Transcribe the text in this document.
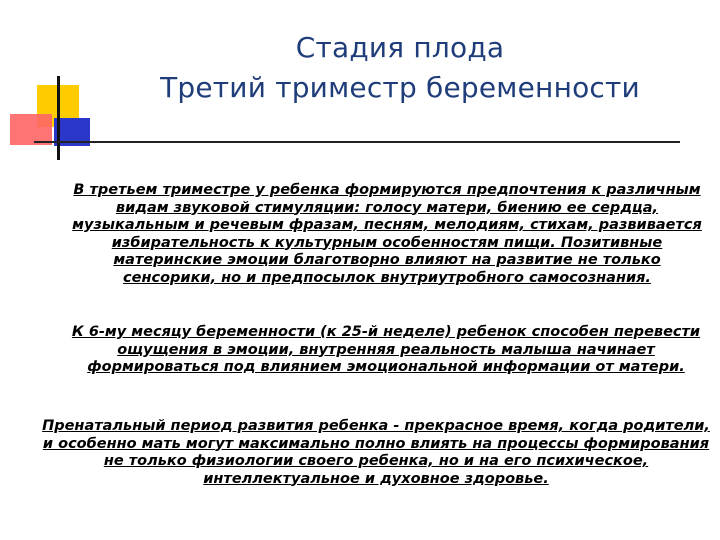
Стадия плода
Третий триместр беременности
В третьем триместре у ребенка формируются предпочтения к различным видам звуковой стимуляции: голосу матери, биению ее сердца, музыкальным и речевым фразам, песням, мелодиям, стихам, развивается избирательность к культурным особенностям пищи. Позитивные материнские эмоции благотворно влияют на развитие не только сенсорики, но и предпосылок внутриутробного самосознания.
К 6-му месяцу беременности (к 25-й неделе) ребенок способен перевести ощущения в эмоции, внутренняя реальность малыша начинает формироваться под влиянием эмоциональной информации от матери.
Пренатальный период развития ребенка - прекрасное время, когда родители, и особенно мать могут максимально полно влиять на процессы формирования не только физиологии своего ребенка, но и на его психическое, интеллектуальное и духовное здоровье.
